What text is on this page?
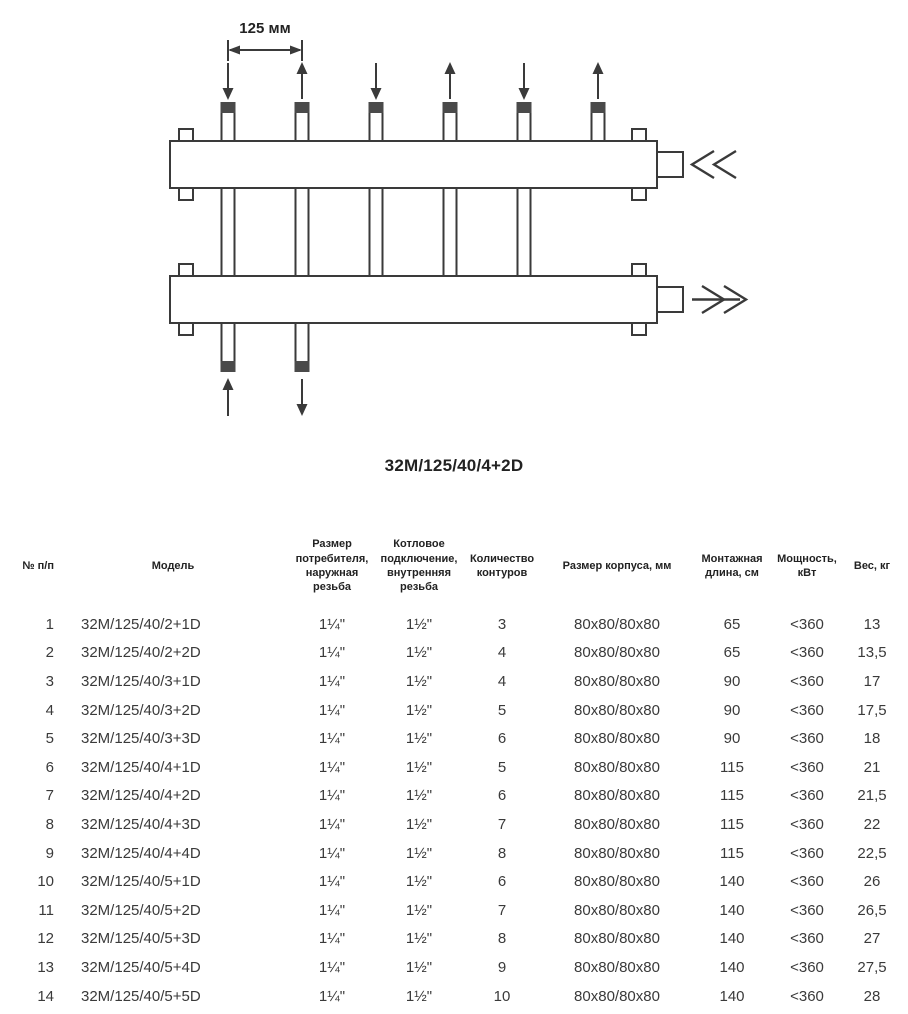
125 мм
32M/125/40/4+2D
№ п/п	Модель	Размер
потребителя,
наружная
резьба	Котловое
подключение,
внутренняя
резьба	Количество
контуров	Размер корпуса, мм	Монтажная
длина, см	Мощность,
кВт	Вес, кг
1	32M/125/40/2+1D	1¼"	1½"	3	80x80/80x80	65	<360	13
2	32M/125/40/2+2D	1¼"	1½"	4	80x80/80x80	65	<360	13,5
3	32M/125/40/3+1D	1¼"	1½"	4	80x80/80x80	90	<360	17
4	32M/125/40/3+2D	1¼"	1½"	5	80x80/80x80	90	<360	17,5
5	32M/125/40/3+3D	1¼"	1½"	6	80x80/80x80	90	<360	18
6	32M/125/40/4+1D	1¼"	1½"	5	80x80/80x80	115	<360	21
7	32M/125/40/4+2D	1¼"	1½"	6	80x80/80x80	115	<360	21,5
8	32M/125/40/4+3D	1¼"	1½"	7	80x80/80x80	115	<360	22
9	32M/125/40/4+4D	1¼"	1½"	8	80x80/80x80	115	<360	22,5
10	32M/125/40/5+1D	1¼"	1½"	6	80x80/80x80	140	<360	26
11	32M/125/40/5+2D	1¼"	1½"	7	80x80/80x80	140	<360	26,5
12	32M/125/40/5+3D	1¼"	1½"	8	80x80/80x80	140	<360	27
13	32M/125/40/5+4D	1¼"	1½"	9	80x80/80x80	140	<360	27,5
14	32M/125/40/5+5D	1¼"	1½"	10	80x80/80x80	140	<360	28
